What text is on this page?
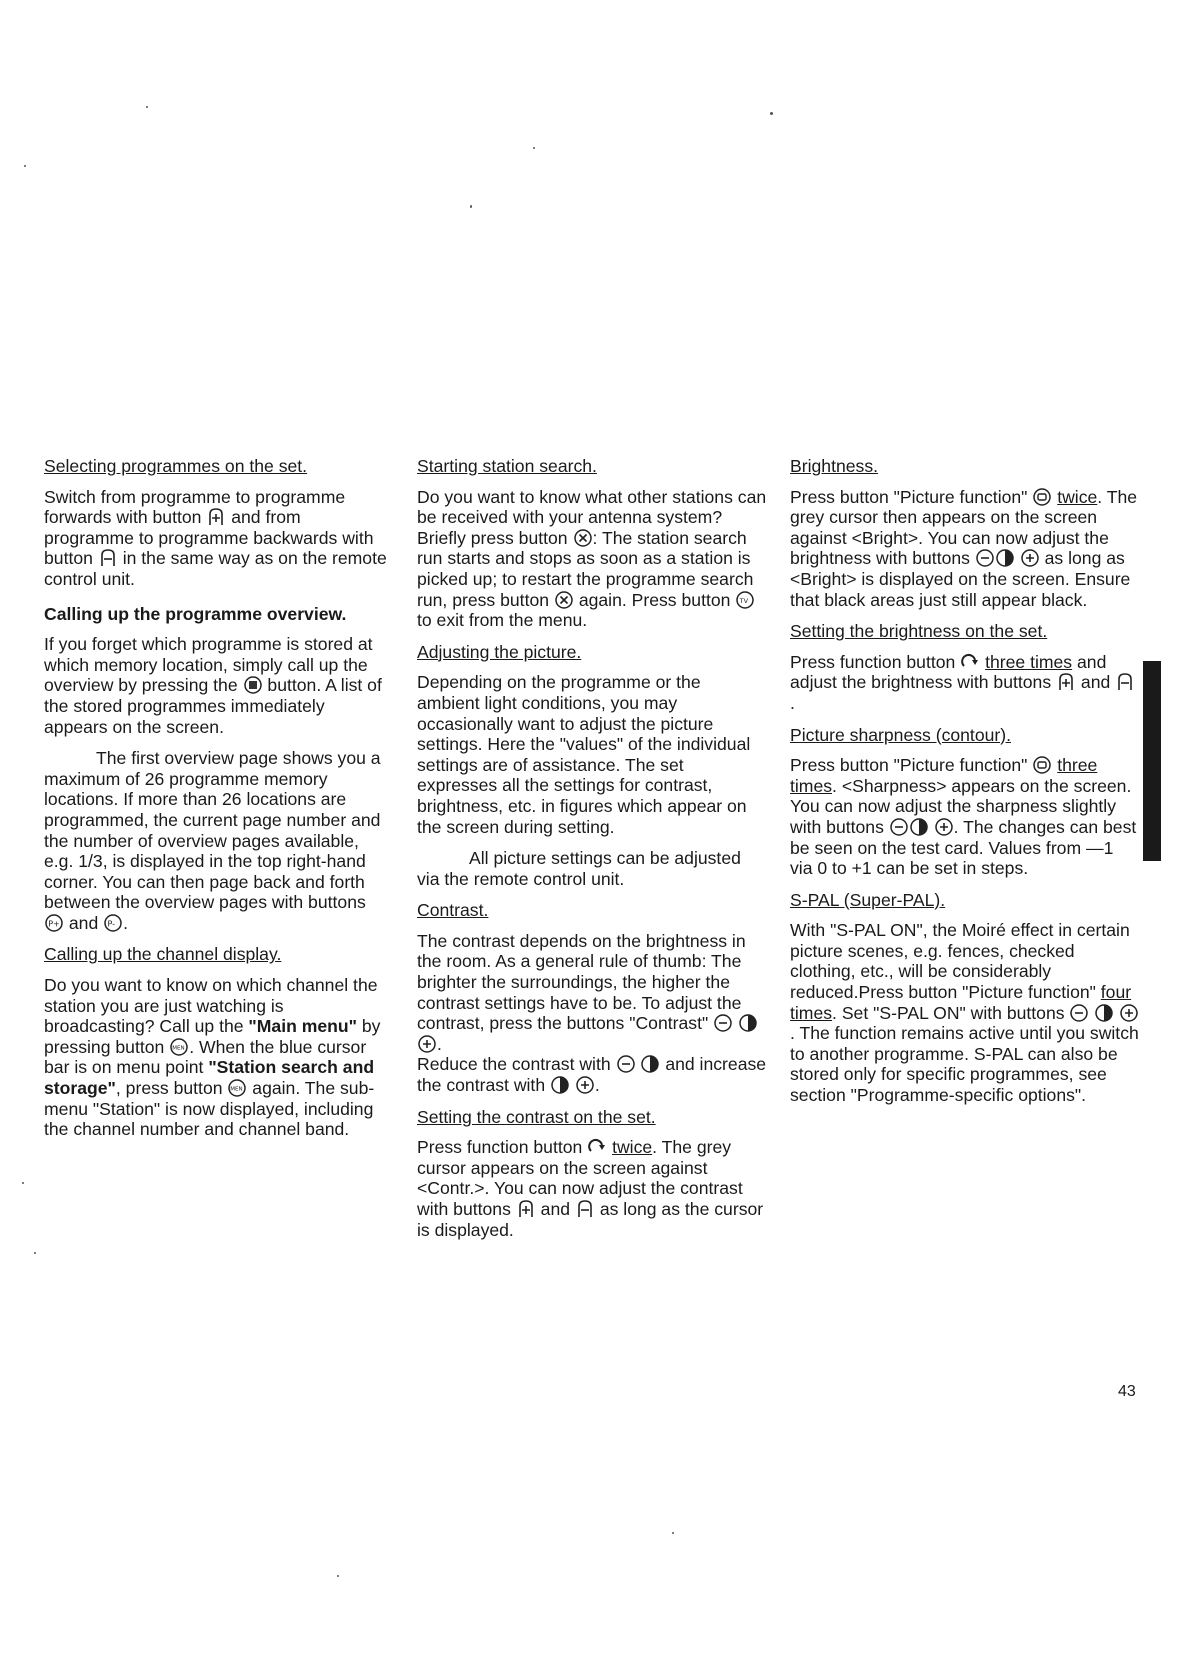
Selecting programmes on the set.

Switch from programme to programme forwards with button and from programme to programme backwards with button in the same way as on the remote control unit.

Calling up the programme overview.

If you forget which programme is stored at which memory location, simply call up the overview by pressing the button. A list of the stored programmes immediately appears on the screen.

The first overview page shows you a maximum of 26 programme memory locations. If more than 26 locations are programmed, the current page number and the number of overview pages available, e.g. 1/3, is displayed in the top right-hand corner. You can then page back and forth between the overview pages with buttons
P+ and P- .

Calling up the channel display.

Do you want to know on which channel the station you are just watching is broadcasting? Call up the "Main menu" by pressing button MEN . When the blue cursor bar is on menu point "Station search and storage", press button MEN again. The sub-menu "Station" is now displayed, including the channel number and channel band.

Starting station search.

Do you want to know what other stations can be received with your antenna system? Briefly press button : The station search run starts and stops as soon as a station is picked up; to restart the programme search run, press button again. Press button TV
to exit from the menu.

Adjusting the picture.

Depending on the programme or the ambient light conditions, you may occasionally want to adjust the picture settings. Here the "values" of the individual settings are of assistance. The set expresses all the settings for contrast, brightness, etc. in figures which appear on the screen during setting.

All picture settings can be adjusted via the remote control unit.

Contrast.

The contrast depends on the brightness in the room. As a general rule of thumb: The brighter the surroundings, the higher the contrast settings have to be. To adjust the contrast, press the buttons "Contrast"

.
Reduce the contrast with
	and increase the contrast with
	.

Setting the contrast on the set.

Press function button twice. The grey cursor appears on the screen against <Contr.>. You can now adjust the contrast with buttons and as long as the cursor is displayed.

Brightness.

Press button "Picture function" twice. The grey cursor then appears on the screen against <Bright>. You can now adjust the brightness with buttons
	as long as <Bright> is displayed on the screen. Ensure that black areas just still appear black.

Setting the brightness on the set.

Press function button three times and adjust the brightness with buttons and
.

Picture sharpness (contour).

Press button "Picture function" three times. <Sharpness> appears on the screen. You can now adjust the sharpness slightly with buttons
	. The changes can best be seen on the test card. Values from —1 via 0 to +1 can be set in steps.

S-PAL (Super-PAL).

With "S-PAL ON", the Moiré effect in certain picture scenes, e.g. fences, checked clothing, etc., will be considerably reduced.Press button "Picture function" four times. Set "S-PAL ON" with buttons

. The function remains active until you switch to another programme. S-PAL can also be stored only for specific programmes, see section "Programme-specific options".

43
